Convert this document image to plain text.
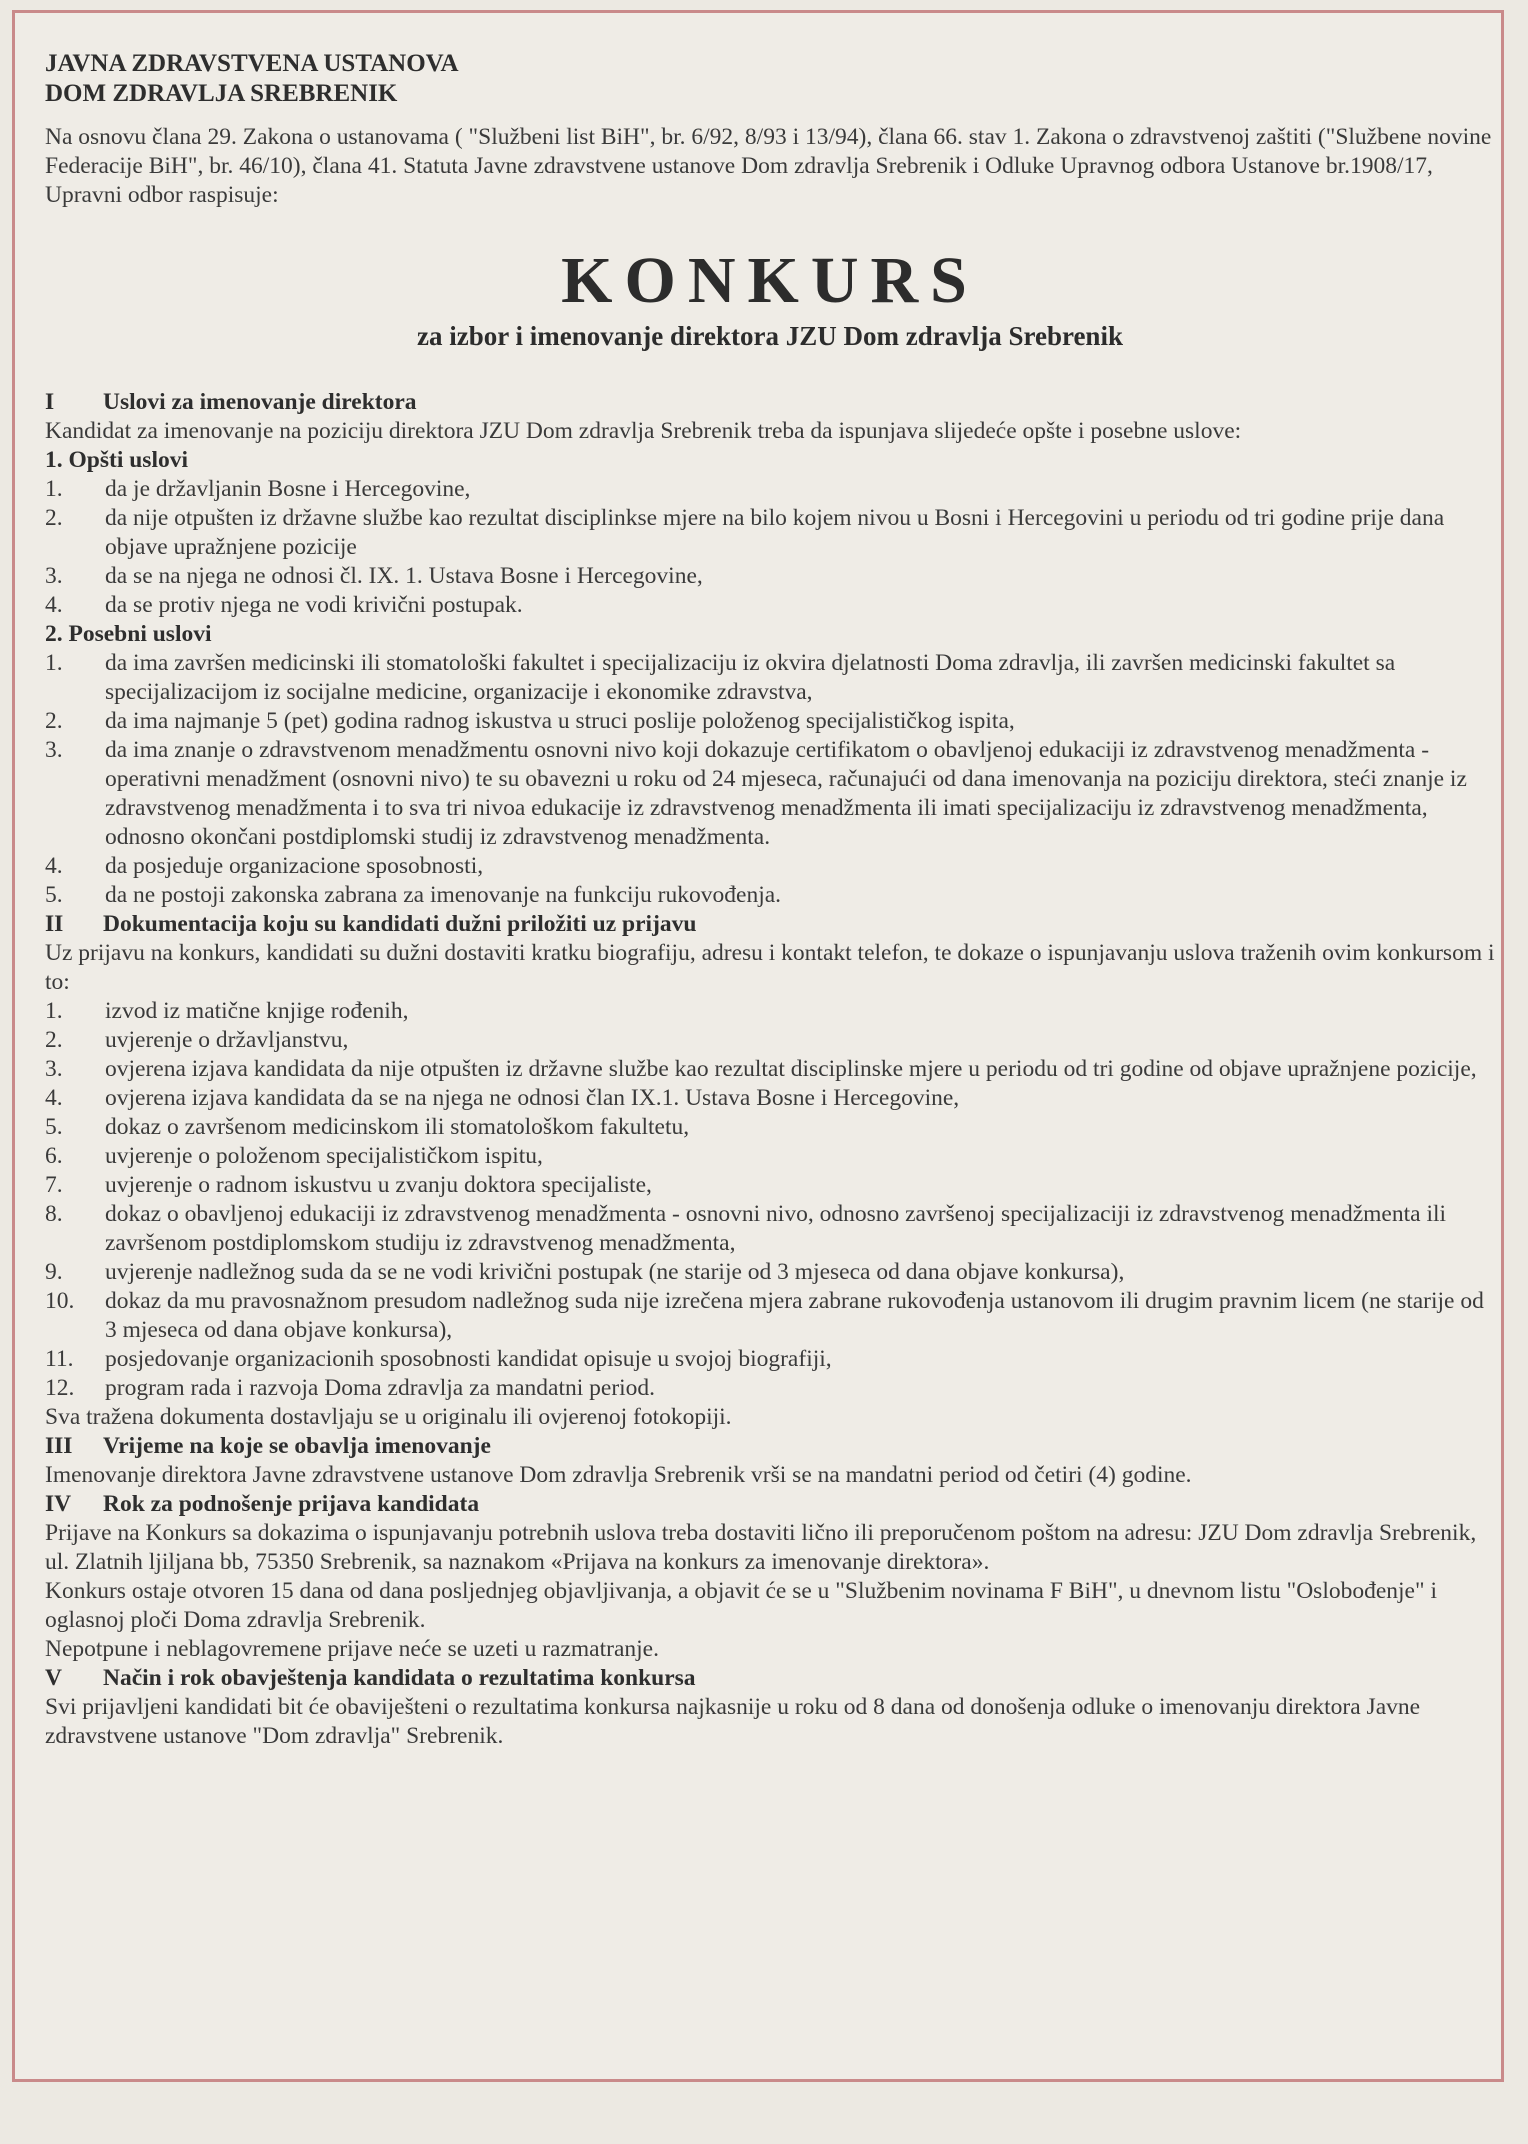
JAVNA ZDRAVSTVENA USTANOVA
DOM ZDRAVLJA SREBRENIK

Na osnovu člana 29. Zakona o ustanovama ( "Službeni list BiH", br. 6/92, 8/93 i 13/94), člana 66. stav 1. Zakona o zdravstvenoj zaštiti ("Službene novine Federacije BiH", br. 46/10), člana 41. Statuta Javne zdravstvene ustanove Dom zdravlja Srebrenik i Odluke Upravnog odbora Ustanove br.1908/17, Upravni odbor raspisuje:

KONKURS
za izbor i imenovanje direktora JZU Dom zdravlja Srebrenik
I Uslovi za imenovanje direktora

Kandidat za imenovanje na poziciju direktora JZU Dom zdravlja Srebrenik treba da ispunjava slijedeće opšte i posebne uslove:

1. Opšti uslovi
1. da je državljanin Bosne i Hercegovine,
2. da nije otpušten iz državne službe kao rezultat disciplinkse mjere na bilo kojem nivou u Bosni i Hercegovini u periodu od tri godine prije dana objave upražnjene pozicije
3. da se na njega ne odnosi čl. IX. 1. Ustava Bosne i Hercegovine,
4. da se protiv njega ne vodi krivični postupak.
2. Posebni uslovi
1. da ima završen medicinski ili stomatološki fakultet i specijalizaciju iz okvira djelatnosti Doma zdravlja, ili završen medicinski fakultet sa specijalizacijom iz socijalne medicine, organizacije i ekonomike zdravstva,
2. da ima najmanje 5 (pet) godina radnog iskustva u struci poslije položenog specijalističkog ispita,
3. da ima znanje o zdravstvenom menadžmentu osnovni nivo koji dokazuje certifikatom o obavljenoj edukaciji iz zdravstvenog menadžmenta - operativni menadžment (osnovni nivo) te su obavezni u roku od 24 mjeseca, računajući od dana imenovanja na poziciju direktora, steći znanje iz zdravstvenog menadžmenta i to sva tri nivoa edukacije iz zdravstvenog menadžmenta ili imati specijalizaciju iz zdravstvenog menadžmenta, odnosno okončani postdiplomski studij iz zdravstvenog menadžmenta.
4. da posjeduje organizacione sposobnosti,
5. da ne postoji zakonska zabrana za imenovanje na funkciju rukovođenja.
II Dokumentacija koju su kandidati dužni priložiti uz prijavu

Uz prijavu na konkurs, kandidati su dužni dostaviti kratku biografiju, adresu i kontakt telefon, te dokaze o ispunjavanju uslova traženih ovim konkursom i to:

1. izvod iz matične knjige rođenih,
2. uvjerenje o državljanstvu,
3. ovjerena izjava kandidata da nije otpušten iz državne službe kao rezultat disciplinske mjere u periodu od tri godine od objave upražnjene pozicije,
4. ovjerena izjava kandidata da se na njega ne odnosi član IX.1. Ustava Bosne i Hercegovine,
5. dokaz o završenom medicinskom ili stomatološkom fakultetu,
6. uvjerenje o položenom specijalističkom ispitu,
7. uvjerenje o radnom iskustvu u zvanju doktora specijaliste,
8. dokaz o obavljenoj edukaciji iz zdravstvenog menadžmenta - osnovni nivo, odnosno završenoj specijalizaciji iz zdravstvenog menadžmenta ili završenom postdiplomskom studiju iz zdravstvenog menadžmenta,
9. uvjerenje nadležnog suda da se ne vodi krivični postupak (ne starije od 3 mjeseca od dana objave konkursa),
10. dokaz da mu pravosnažnom presudom nadležnog suda nije izrečena mjera zabrane rukovođenja ustanovom ili drugim pravnim licem (ne starije od 3 mjeseca od dana objave konkursa),
11. posjedovanje organizacionih sposobnosti kandidat opisuje u svojoj biografiji,
12. program rada i razvoja Doma zdravlja za mandatni period.

Sva tražena dokumenta dostavljaju se u originalu ili ovjerenoj fotokopiji.

III Vrijeme na koje se obavlja imenovanje

Imenovanje direktora Javne zdravstvene ustanove Dom zdravlja Srebrenik vrši se na mandatni period od četiri (4) godine.

IV Rok za podnošenje prijava kandidata

Prijave na Konkurs sa dokazima o ispunjavanju potrebnih uslova treba dostaviti lično ili preporučenom poštom na adresu: JZU Dom zdravlja Srebrenik, ul. Zlatnih ljiljana bb, 75350 Srebrenik, sa naznakom «Prijava na konkurs za imenovanje direktora».

Konkurs ostaje otvoren 15 dana od dana posljednjeg objavljivanja, a objavit će se u "Službenim novinama F BiH", u dnevnom listu "Oslobođenje" i oglasnoj ploči Doma zdravlja Srebrenik.

Nepotpune i neblagovremene prijave neće se uzeti u razmatranje.

V Način i rok obavještenja kandidata o rezultatima konkursa

Svi prijavljeni kandidati bit će obaviješteni o rezultatima konkursa najkasnije u roku od 8 dana od donošenja odluke o imenovanju direktora Javne zdravstvene ustanove "Dom zdravlja" Srebrenik.
